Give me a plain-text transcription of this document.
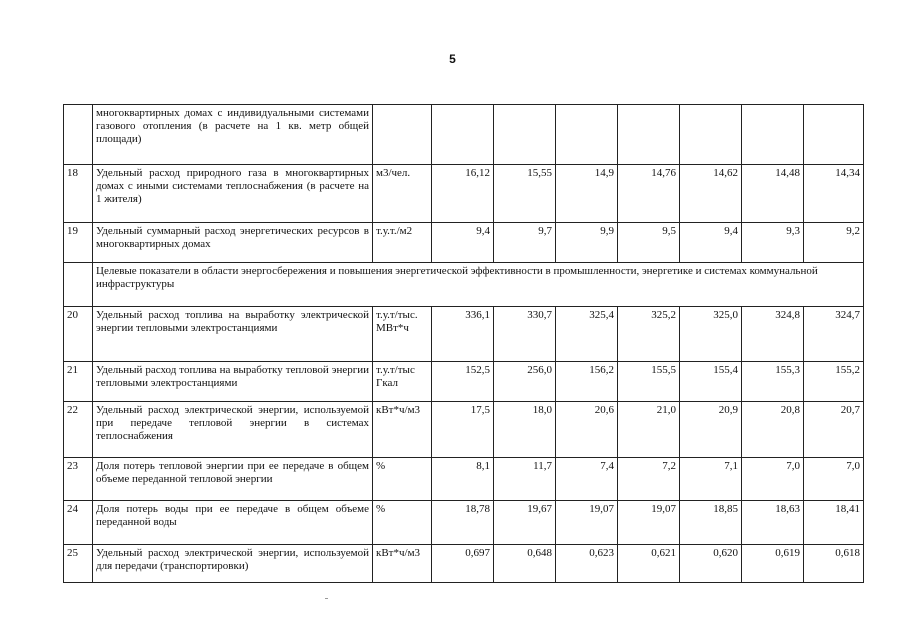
5
	многоквартирных домах с индивидуальными системами газового отопления (в расчете на 1 кв. метр общей площади)								
18	Удельный расход природного газа в многоквартирных домах с иными системами теплоснабжения (в расчете на 1 жителя)	м3/чел.	16,12	15,55	14,9	14,76	14,62	14,48	14,34
19	Удельный суммарный расход энергетических ресурсов в многоквартирных домах	т.у.т./м2	9,4	9,7	9,9	9,5	9,4	9,3	9,2
	Целевые показатели в области энергосбережения и повышения энергетической эффективности в промышленности, энергетике и системах коммунальной инфраструктуры								
20	Удельный расход топлива на выработку электрической энергии тепловыми электростанциями	т.у.т/тыс. МВт*ч	336,1	330,7	325,4	325,2	325,0	324,8	324,7
21	Удельный расход топлива на выработку тепловой энергии тепловыми электростанциями	т.у.т/тыс Гкал	152,5	256,0	156,2	155,5	155,4	155,3	155,2
22	Удельный расход электрической энергии, используемой при передаче тепловой энергии в системах теплоснабжения	кВт*ч/м3	17,5	18,0	20,6	21,0	20,9	20,8	20,7
23	Доля потерь тепловой энергии при ее передаче в общем объеме переданной тепловой энергии	%	8,1	11,7	7,4	7,2	7,1	7,0	7,0
24	Доля потерь воды при ее передаче в общем объеме переданной воды	%	18,78	19,67	19,07	19,07	18,85	18,63	18,41
25	Удельный расход электрической энергии, используемой для передачи (транспортировки)	кВт*ч/м3	0,697	0,648	0,623	0,621	0,620	0,619	0,618
